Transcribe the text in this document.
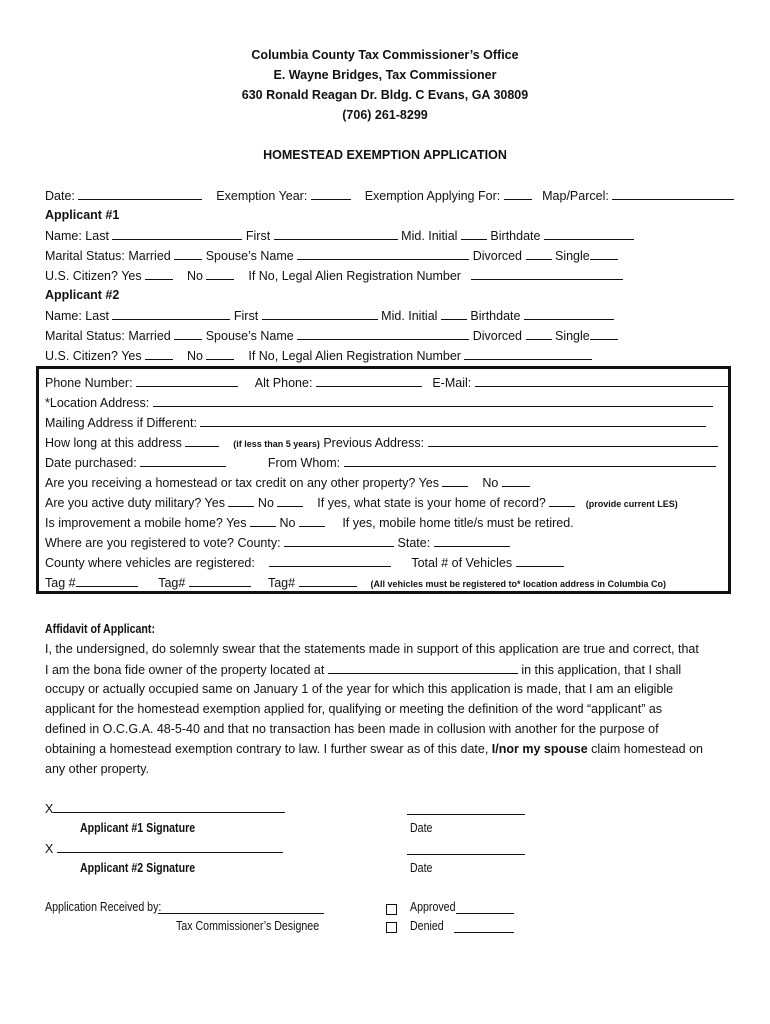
Columbia County Tax Commissioner’s Office
E. Wayne Bridges, Tax Commissioner
630 Ronald Reagan Dr. Bldg. C Evans, GA 30809
(706) 261-8299
HOMESTEAD EXEMPTION APPLICATION
Date:	Exemption Year:	Exemption Applying For:	Map/Parcel:
Applicant #1
Name: Last	First	Mid. Initial	Birthdate
Marital Status: Married	Spouse’s Name	Divorced	Single
U.S. Citizen? Yes	No	If No, Legal Alien Registration Number
Applicant #2
Name: Last	First	Mid. Initial	Birthdate
Marital Status: Married	Spouse’s Name	Divorced	Single
U.S. Citizen? Yes	No	If No, Legal Alien Registration Number
Phone Number:	Alt Phone:	E-Mail:
*Location Address:
Mailing Address if Different:
How long at this address	(if less than 5 years) Previous Address:
Date purchased:	From Whom:
Are you receiving a homestead or tax credit on any other property? Yes	No
Are you active duty military? Yes	No	If yes, what state is your home of record?	(provide current LES)
Is improvement a mobile home? Yes	No	If yes, mobile home title/s must be retired.
Where are you registered to vote? County:	State:
County where vehicles are registered:	Total # of Vehicles
Tag #	Tag#	Tag#	(All vehicles must be registered to* location address in Columbia Co)
Affidavit of Applicant:
I, the undersigned, do solemnly swear that the statements made in support of this application are true and correct, that
I am the bona fide owner of the property located at	in this application, that I shall
occupy or actually occupied same on January 1 of the year for which this application is made, that I am an eligible
applicant for the homestead exemption applied for, qualifying or meeting the definition of the word “applicant” as
defined in O.C.G.A. 48-5-40 and that no transaction has been made in collusion with another for the purpose of
obtaining a homestead exemption contrary to law. I further swear as of this date, I/nor my spouse claim homestead on
any other property.
X
Applicant #1 Signature	Date
X
Applicant #2 Signature	Date
Application Received by:
Tax Commissioner’s Designee
Approved
Denied
